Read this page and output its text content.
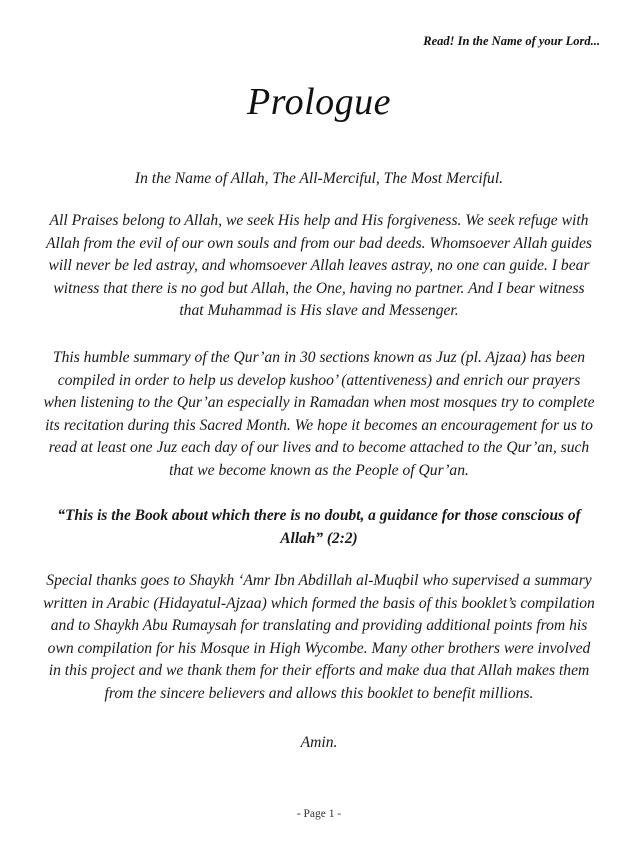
Read! In the Name of your Lord...
Prologue
In the Name of Allah, The All-Merciful, The Most Merciful.
All Praises belong to Allah, we seek His help and His forgiveness. We seek refuge with Allah from the evil of our own souls and from our bad deeds. Whomsoever Allah guides will never be led astray, and whomsoever Allah leaves astray, no one can guide. I bear witness that there is no god but Allah, the One, having no partner. And I bear witness that Muhammad is His slave and Messenger.
This humble summary of the Qur’an in 30 sections known as Juz (pl. Ajzaa) has been compiled in order to help us develop kushoo’ (attentiveness) and enrich our prayers when listening to the Qur’an especially in Ramadan when most mosques try to complete its recitation during this Sacred Month. We hope it becomes an encouragement for us to read at least one Juz each day of our lives and to become attached to the Qur’an, such that we become known as the People of Qur’an.
“This is the Book about which there is no doubt, a guidance for those conscious of Allah” (2:2)
Special thanks goes to Shaykh ‘Amr Ibn Abdillah al-Muqbil who supervised a summary written in Arabic (Hidayatul-Ajzaa) which formed the basis of this booklet’s compilation and to Shaykh Abu Rumaysah for translating and providing additional points from his own compilation for his Mosque in High Wycombe. Many other brothers were involved in this project and we thank them for their efforts and make dua that Allah makes them from the sincere believers and allows this booklet to benefit millions.
Amin.
- Page 1 -
